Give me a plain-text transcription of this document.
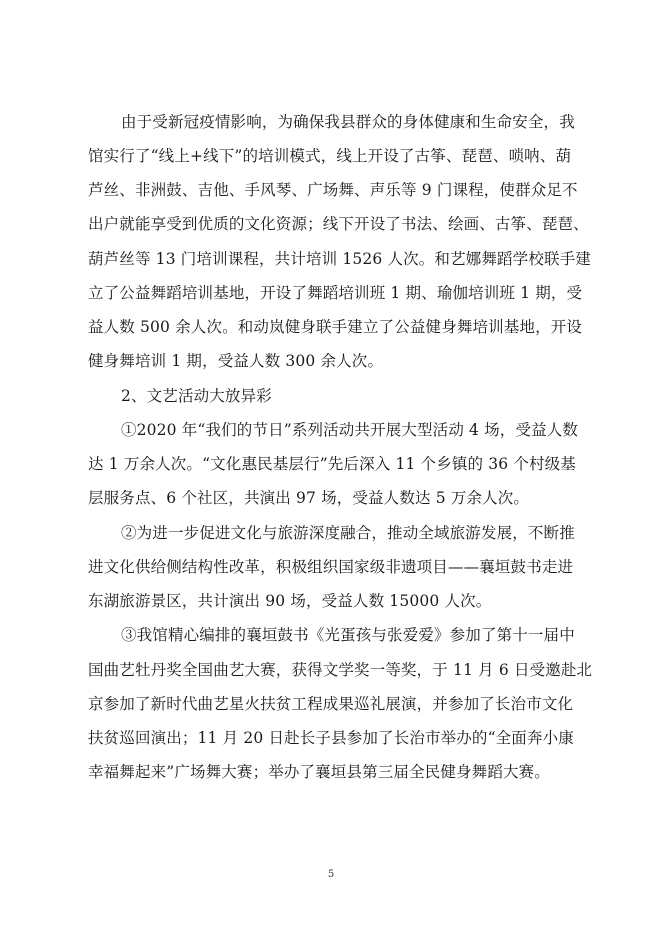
由于受新冠疫情影响，为确保我县群众的身体健康和生命安全，我
馆实行了“线上+线下”的培训模式，线上开设了古筝、琵琶、唢呐、葫
芦丝、非洲鼓、吉他、手风琴、广场舞、声乐等 9 门课程，使群众足不
出户就能享受到优质的文化资源；线下开设了书法、绘画、古筝、琵琶、
葫芦丝等 13 门培训课程，共计培训 1526 人次。和艺娜舞蹈学校联手建
立了公益舞蹈培训基地，开设了舞蹈培训班 1 期、瑜伽培训班 1 期，受
益人数 500 余人次。和动岚健身联手建立了公益健身舞培训基地，开设
健身舞培训 1 期，受益人数 300 余人次。
2、文艺活动大放异彩
①2020 年“我们的节日”系列活动共开展大型活动 4 场，受益人数
达 1 万余人次。“文化惠民基层行”先后深入 11 个乡镇的 36 个村级基
层服务点、6 个社区，共演出 97 场，受益人数达 5 万余人次。
②为进一步促进文化与旅游深度融合，推动全域旅游发展，不断推
进文化供给侧结构性改革，积极组织国家级非遗项目——襄垣鼓书走进
东湖旅游景区，共计演出 90 场，受益人数 15000 人次。
③我馆精心编排的襄垣鼓书《光蛋孩与张爱爱》参加了第十一届中
国曲艺牡丹奖全国曲艺大赛，获得文学奖一等奖，于 11 月 6 日受邀赴北
京参加了新时代曲艺星火扶贫工程成果巡礼展演，并参加了长治市文化
扶贫巡回演出；11 月 20 日赴长子县参加了长治市举办的“全面奔小康
幸福舞起来”广场舞大赛；举办了襄垣县第三届全民健身舞蹈大赛。
5
